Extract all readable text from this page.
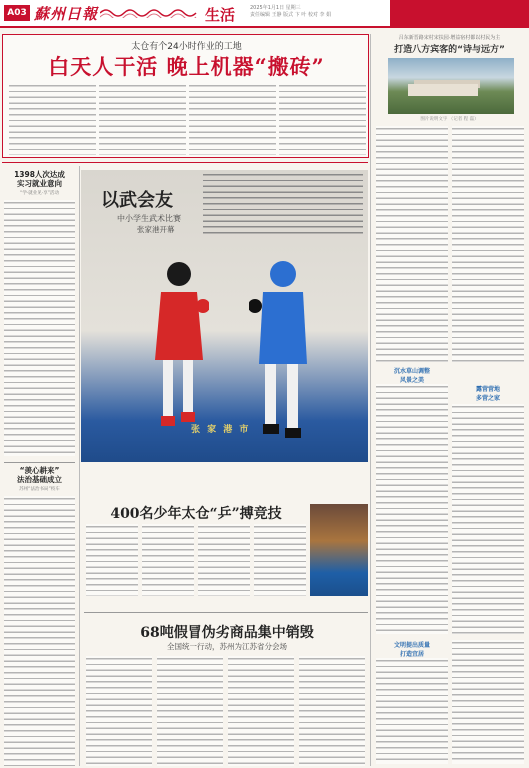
A03 蘇州日報	生活	2025年1月1日 星期三
责任编辑 王静 版式 卞 叶 校对 李 娟
太仓有个24小时作业的工地
白天人干活 晚上机器“搬砖”
吕东新晋路宋村宋扶园·增益宿村都以村民为主
打造八方宾客的“诗与远方”
图片说明文字 （记者 程 磊）
沉水草山调整
风景之美
露营营地
多营之家
文明提出质量
打造宜居
1398人次达成
实习就业意向
“学·就业见·享”活动
“羡心耕来”
法治基础成立
苏州“法治书局”校车
张 家 港 市
以武会友
中小学生武术比赛
张家港开幕
400名少年太仓“乒”搏竞技
68吨假冒伪劣商品集中销毁
全国统一行动，苏州为江苏省分会场
